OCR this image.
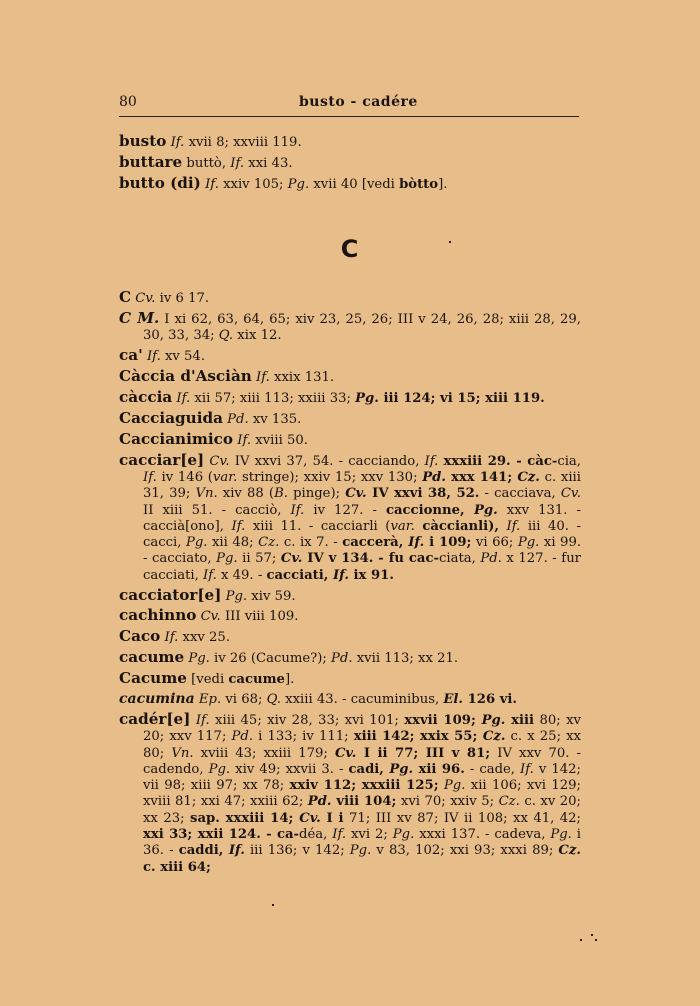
80	busto - cadére
busto If. xvii 8; xxviii 119.
buttare buttò, If. xxi 43.
butto (di) If. xxiv 105; Pg. xvii 40 [vedi bòtto].
C
C Cv. iv 6 17.
C M. I xi 62, 63, 64, 65; xiv 23, 25, 26; III v 24, 26, 28; xiii 28, 29, 30, 33, 34; Q. xix 12.
ca' If. xv 54.
Càccia d'Asciàn If. xxix 131.
càccia If. xii 57; xiii 113; xxiii 33; Pg. iii 124; vi 15; xiii 119.
Cacciaguida Pd. xv 135.
Caccianimico If. xviii 50.
cacciar[e] Cv. IV xxvi 37, 54. - cacciando, If. xxxiii 29. - càc-cia, If. iv 146 (var. stringe); xxiv 15; xxv 130; Pd. xxx 141; Cz. c. xiii 31, 39; Vn. xiv 88 (B. pinge); Cv. IV xxvi 38, 52. - cacciava, Cv. II xiii 51. - cacciò, If. iv 127. - caccionne, Pg. xxv 131. - caccià[ono], If. xiii 11. - cacciarli (var. càccianli), If. iii 40. - cacci, Pg. xii 48; Cz. c. ix 7. - caccerà, If. i 109; vi 66; Pg. xi 99. - cacciato, Pg. ii 57; Cv. IV v 134. - fu cac-ciata, Pd. x 127. - fur cacciati, If. x 49. - cacciati, If. ix 91.
cacciator[e] Pg. xiv 59.
cachinno Cv. III viii 109.
Caco If. xxv 25.
cacume Pg. iv 26 (Cacume?); Pd. xvii 113; xx 21.
Cacume [vedi cacume].
cacumina Ep. vi 68; Q. xxiii 43. - cacuminibus, El. 126 vi.
cadér[e] If. xiii 45; xiv 28, 33; xvi 101; xxvii 109; Pg. xiii 80; xv 20; xxv 117; Pd. i 133; iv 111; xiii 142; xxix 55; Cz. c. x 25; xx 80; Vn. xviii 43; xxiii 179; Cv. I ii 77; III v 81; IV xxv 70. - cadendo, Pg. xiv 49; xxvii 3. - cadi, Pg. xii 96. - cade, If. v 142; vii 98; xiii 97; xx 78; xxiv 112; xxxiii 125; Pg. xii 106; xvi 129; xviii 81; xxi 47; xxiii 62; Pd. viii 104; xvi 70; xxiv 5; Cz. c. xv 20; xx 23; sap. xxxiii 14; Cv. I i 71; III xv 87; IV ii 108; xx 41, 42; xxi 33; xxii 124. - ca-déa, If. xvi 2; Pg. xxxi 137. - cadeva, Pg. i 36. - caddi, If. iii 136; v 142; Pg. v 83, 102; xxi 93; xxxi 89; Cz. c. xiii 64;
